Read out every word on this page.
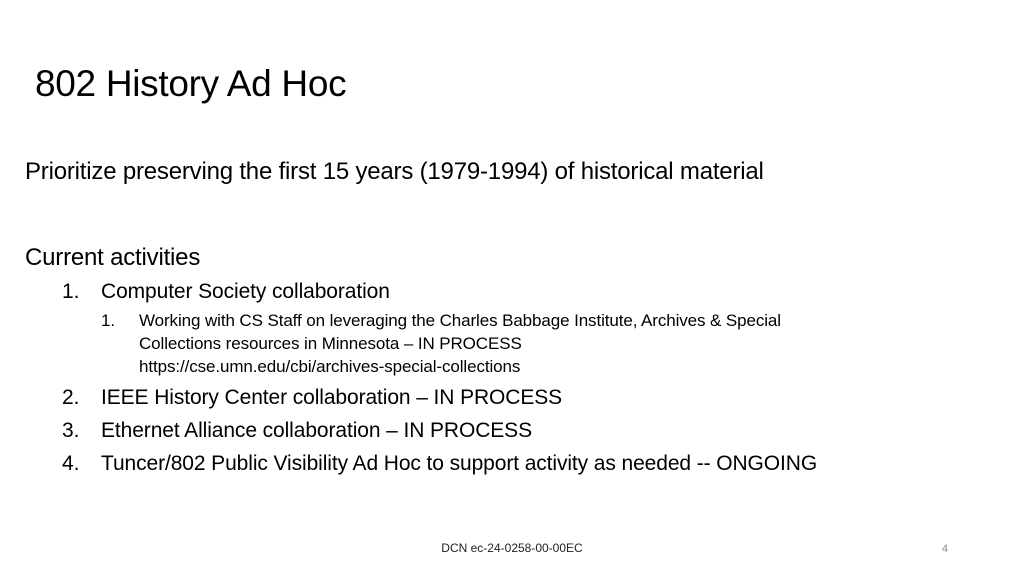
802 History Ad Hoc

Prioritize preserving the first 15 years (1979-1994) of historical material

Current activities

1. Computer Society collaboration
1. Working with CS Staff on leveraging the Charles Babbage Institute, Archives & Special
Collections resources in Minnesota – IN PROCESS
https://cse.umn.edu/cbi/archives-special-collections
2. IEEE History Center collaboration – IN PROCESS
3. Ethernet Alliance collaboration – IN PROCESS
4. Tuncer/802 Public Visibility Ad Hoc to support activity as needed -- ONGOING
DCN ec-24-0258-00-00EC	4
